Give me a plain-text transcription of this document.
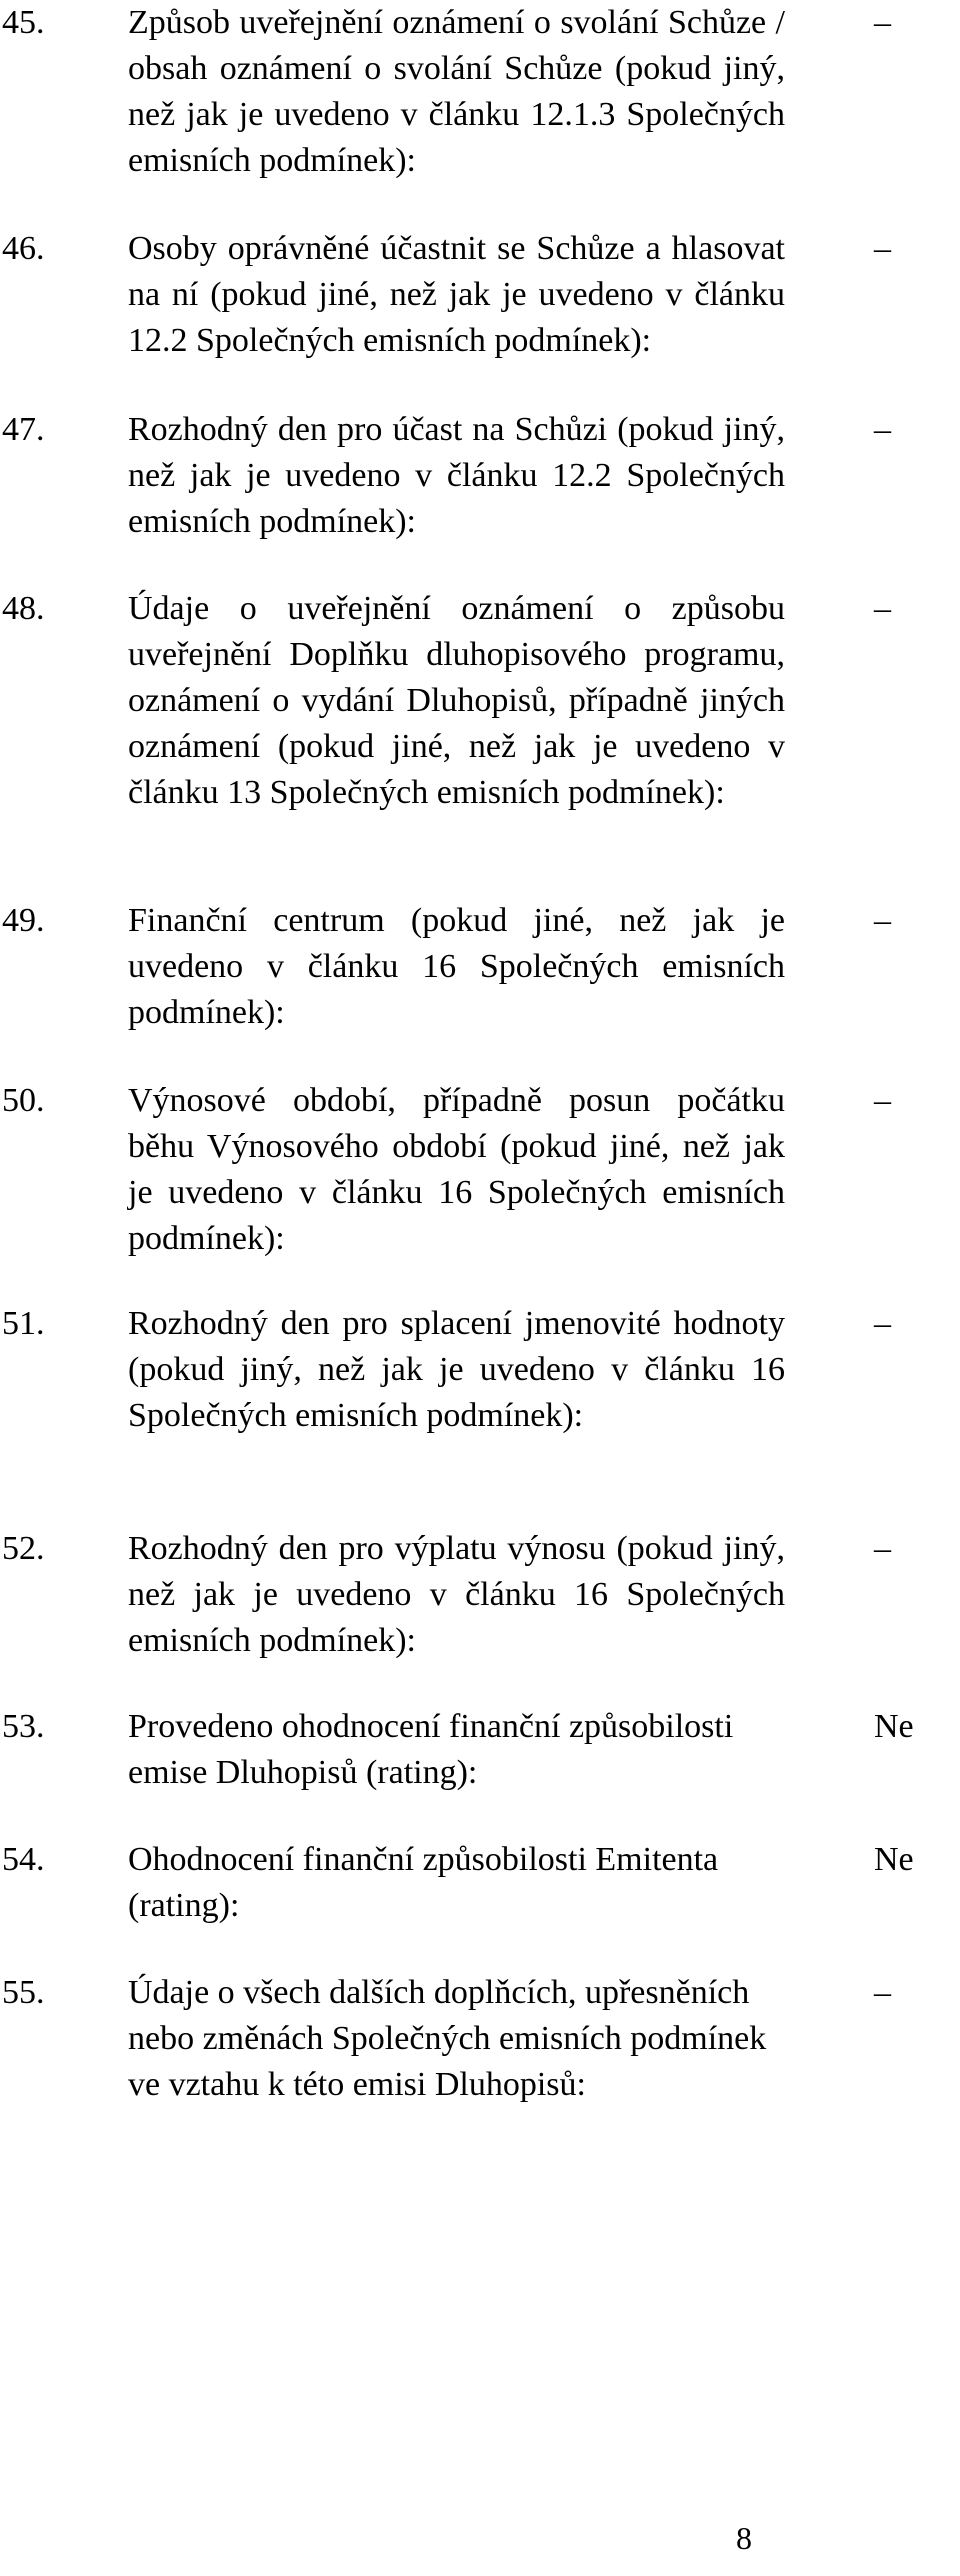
45. Způsob uveřejnění oznámení o svolání Schůze / obsah oznámení o svolání Schůze (pokud jiný, než jak je uvedeno v článku 12.1.3 Společných emisních podmínek):
–
46. Osoby oprávněné účastnit se Schůze a hlasovat na ní (pokud jiné, než jak je uvedeno v článku 12.2 Společných emisních podmínek):
–
47. Rozhodný den pro účast na Schůzi (pokud jiný, než jak je uvedeno v článku 12.2 Společných emisních podmínek):
–
48. Údaje o uveřejnění oznámení o způsobu uveřejnění Doplňku dluhopisového programu, oznámení o vydání Dluhopisů, případně jiných oznámení (pokud jiné, než jak je uvedeno v článku 13 Společných emisních podmínek):
–
49. Finanční centrum (pokud jiné, než jak je uvedeno v článku 16 Společných emisních podmínek):
–
50. Výnosové období, případně posun počátku běhu Výnosového období (pokud jiné, než jak je uvedeno v článku 16 Společných emisních podmínek):
–
51. Rozhodný den pro splacení jmenovité hodnoty (pokud jiný, než jak je uvedeno v článku 16 Společných emisních podmínek):
–
52. Rozhodný den pro výplatu výnosu (pokud jiný, než jak je uvedeno v článku 16 Společných emisních podmínek):
–
53. Provedeno ohodnocení finanční způsobilosti emise Dluhopisů (rating):
Ne
54. Ohodnocení finanční způsobilosti Emitenta (rating):
Ne
55. Údaje o všech dalších doplňcích, upřesněních nebo změnách Společných emisních podmínek ve vztahu k této emisi Dluhopisů:
–
8
